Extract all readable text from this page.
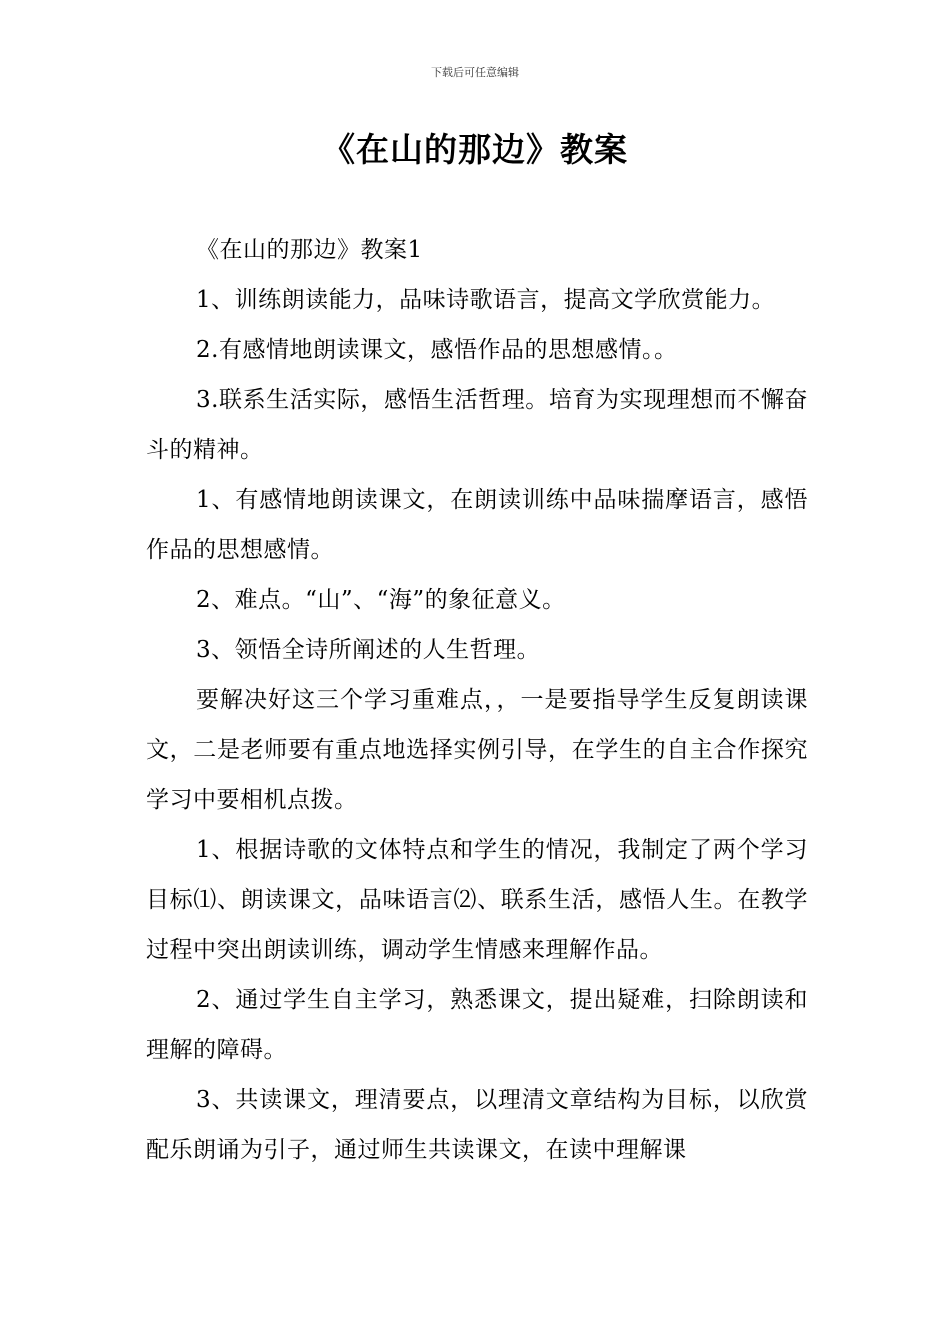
下载后可任意编辑
《在山的那边》教案

《在山的那边》教案1

1、训练朗读能力，品味诗歌语言，提高文学欣赏能力。

2.有感情地朗读课文，感悟作品的思想感情。。

3.联系生活实际，感悟生活哲理。培育为实现理想而不懈奋斗的精神。

1、有感情地朗读课文，在朗读训练中品味揣摩语言，感悟作品的思想感情。

2、难点。“山”、“海”的象征意义。

3、领悟全诗所阐述的人生哲理。

要解决好这三个学习重难点，，一是要指导学生反复朗读课文，二是老师要有重点地选择实例引导，在学生的自主合作探究学习中要相机点拨。

1、根据诗歌的文体特点和学生的情况，我制定了两个学习目标⑴、朗读课文，品味语言⑵、联系生活，感悟人生。在教学过程中突出朗读训练，调动学生情感来理解作品。

2、通过学生自主学习，熟悉课文，提出疑难，扫除朗读和理解的障碍。

3、共读课文，理清要点，以理清文章结构为目标，以欣赏配乐朗诵为引子，通过师生共读课文，在读中理解课
